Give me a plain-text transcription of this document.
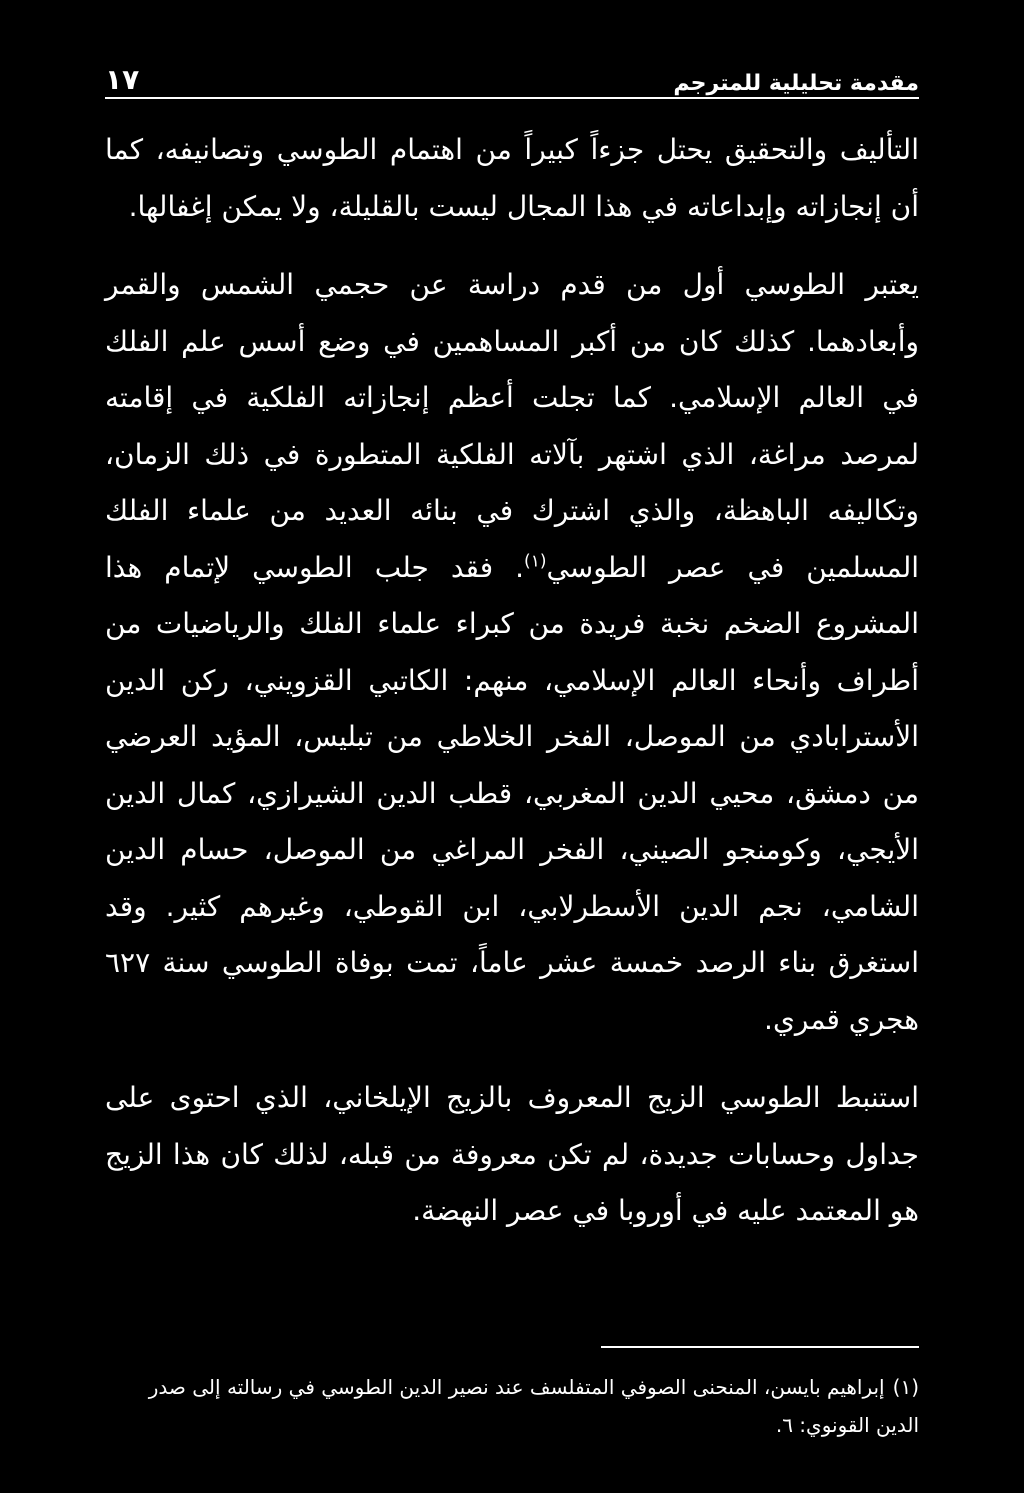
مقدمة تحليلية للمترجم
١٧

التأليف والتحقيق يحتل جزءاً كبيراً من اهتمام الطوسي وتصانيفه، كما أن إنجازاته وإبداعاته في هذا المجال ليست بالقليلة، ولا يمكن إغفالها.

يعتبر الطوسي أول من قدم دراسة عن حجمي الشمس والقمر وأبعادهما. كذلك كان من أكبر المساهمين في وضع أسس علم الفلك في العالم الإسلامي. كما تجلت أعظم إنجازاته الفلكية في إقامته لمرصد مراغة، الذي اشتهر بآلاته الفلكية المتطورة في ذلك الزمان، وتكاليفه الباهظة، والذي اشترك في بنائه العديد من علماء الفلك المسلمين في عصر الطوسي$^{(١)}$. فقد جلب الطوسي لإتمام هذا المشروع الضخم نخبة فريدة من كبراء علماء الفلك والرياضيات من أطراف وأنحاء العالم الإسلامي، منهم: الكاتبي القزويني، ركن الدين الأسترابادي من الموصل، الفخر الخلاطي من تبليس، المؤيد العرضي من دمشق، محيي الدين المغربي، قطب الدين الشيرازي، كمال الدين الأيجي، وكومنجو الصيني، الفخر المراغي من الموصل، حسام الدين الشامي، نجم الدين الأسطرلابي، ابن القوطي، وغيرهم كثير. وقد استغرق بناء الرصد خمسة عشر عاماً، تمت بوفاة الطوسي سنة ٦٢٧ هجري قمري.

استنبط الطوسي الزيج المعروف بالزيج الإيلخاني، الذي احتوى على جداول وحسابات جديدة، لم تكن معروفة من قبله، لذلك كان هذا الزيج هو المعتمد عليه في أوروبا في عصر النهضة.

(١)إبراهيم بايسن، المنحنى الصوفي المتفلسف عند نصير الدين الطوسي في رسالته إلى صدر الدين القونوي: ٦.
